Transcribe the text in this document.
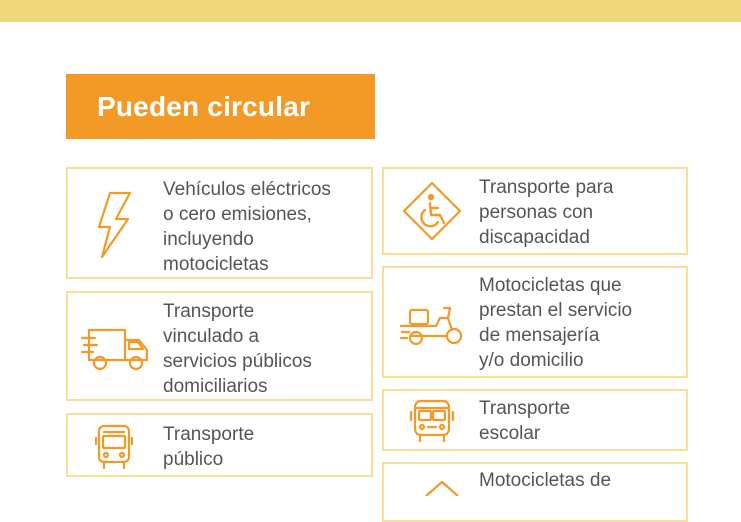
Pueden circular
Vehículos eléctricos
o cero emisiones,
incluyendo
motocicletas
Transporte
vinculado a
servicios públicos
domiciliarios
Transporte
público
Transporte para
personas con
discapacidad
Motocicletas que
prestan el servicio
de mensajería
y/o domicilio
Transporte
escolar
Motocicletas de
